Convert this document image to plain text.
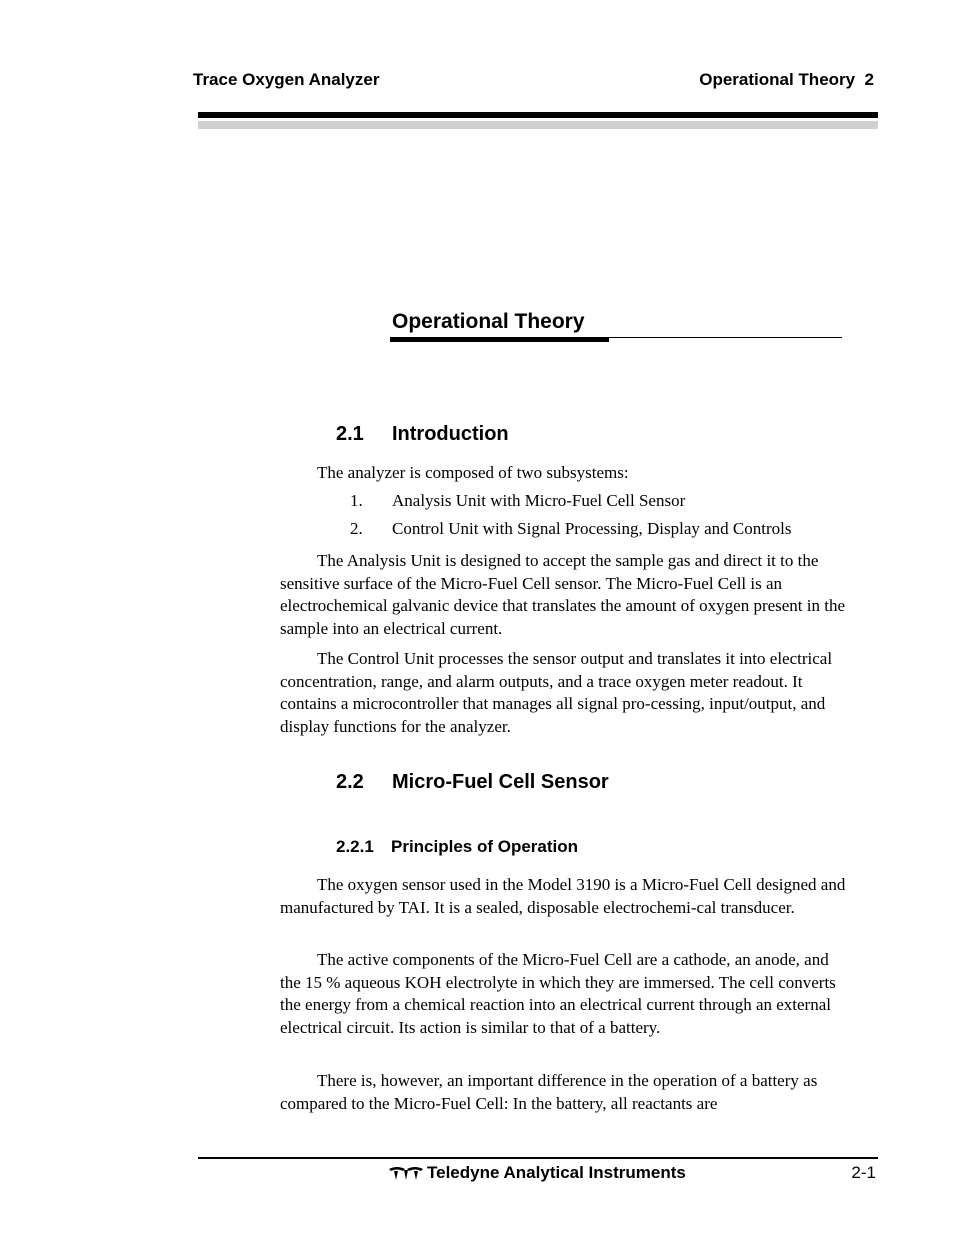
Trace Oxygen Analyzer	Operational Theory  2
Operational Theory
2.1 Introduction
The analyzer is composed of two subsystems:
1. Analysis Unit with Micro-Fuel Cell Sensor
2. Control Unit with Signal Processing, Display and Controls

The Analysis Unit is designed to accept the sample gas and direct it to the sensitive surface of the Micro-Fuel Cell sensor. The Micro-Fuel Cell is an electrochemical galvanic device that translates the amount of oxygen present in the sample into an electrical current.

The Control Unit processes the sensor output and translates it into electrical concentration, range, and alarm outputs, and a trace oxygen meter readout. It contains a microcontroller that manages all signal pro-cessing, input/output, and display functions for the analyzer.

2.2 Micro-Fuel Cell Sensor
2.2.1 Principles of Operation

The oxygen sensor used in the Model 3190 is a Micro-Fuel Cell designed and manufactured by TAI. It is a sealed, disposable electrochemi-cal transducer.

The active components of the Micro-Fuel Cell are a cathode, an anode, and the 15 % aqueous KOH electrolyte in which they are immersed. The cell converts the energy from a chemical reaction into an electrical current through an external electrical circuit. Its action is similar to that of a battery.

There is, however, an important difference in the operation of a battery as compared to the Micro-Fuel Cell: In the battery, all reactants are

Teledyne Analytical Instruments	2-1
